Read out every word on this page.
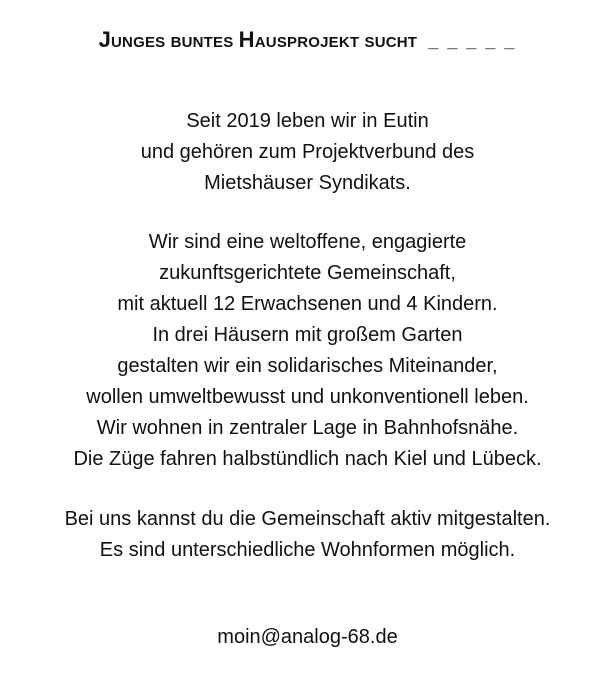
Junges buntes Hausprojekt sucht _ _ _ _ _
Seit 2019 leben wir in Eutin
und gehören zum Projektverbund des
Mietshäuser Syndikats.
Wir sind eine weltoffene, engagierte
zukunftsgerichtete Gemeinschaft,
mit aktuell 12 Erwachsenen und 4 Kindern.
In drei Häusern mit großem Garten
gestalten wir ein solidarisches Miteinander,
wollen umweltbewusst und unkonventionell leben.
Wir wohnen in zentraler Lage in Bahnhofsnähe.
Die Züge fahren halbstündlich nach Kiel und Lübeck.
Bei uns kannst du die Gemeinschaft aktiv mitgestalten.
Es sind unterschiedliche Wohnformen möglich.
moin@analog-68.de
